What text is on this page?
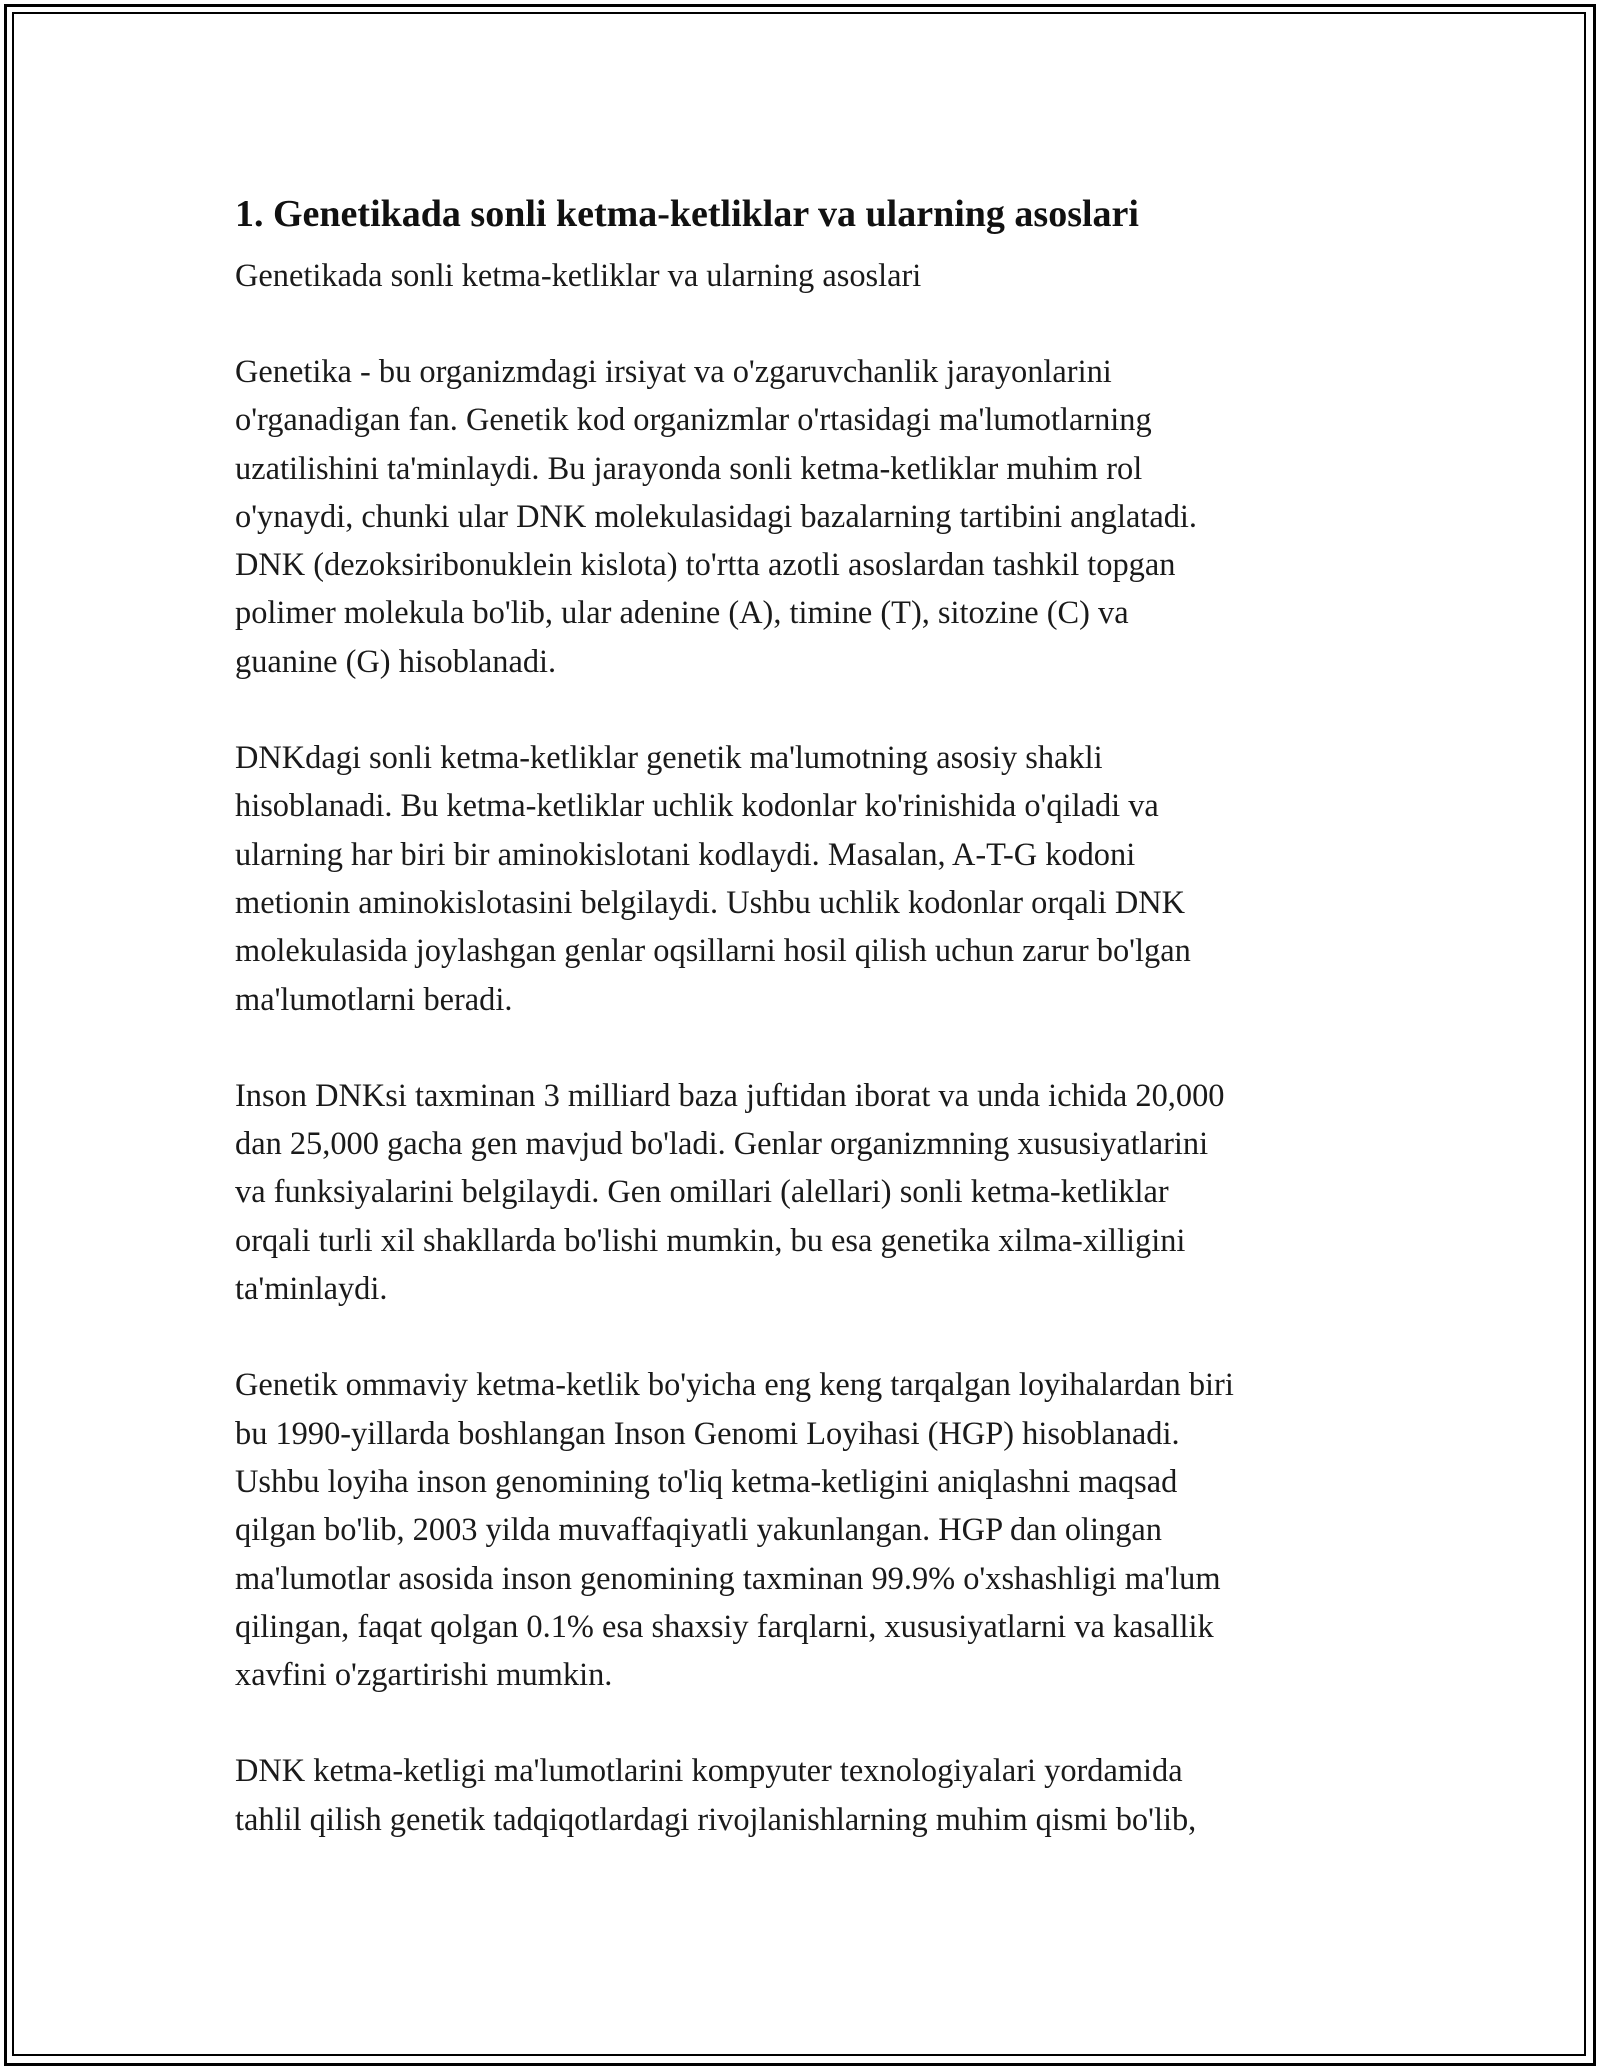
1. Genetikada sonli ketma-ketliklar va ularning asoslari
Genetikada sonli ketma-ketliklar va ularning asoslari

Genetika - bu organizmdagi irsiyat va o'zgaruvchanlik jarayonlarini
o'rganadigan fan. Genetik kod organizmlar o'rtasidagi ma'lumotlarning
uzatilishini ta'minlaydi. Bu jarayonda sonli ketma-ketliklar muhim rol
o'ynaydi, chunki ular DNK molekulasidagi bazalarning tartibini anglatadi.
DNK (dezoksiribonuklein kislota) to'rtta azotli asoslardan tashkil topgan
polimer molekula bo'lib, ular adenine (A), timine (T), sitozine (C) va
guanine (G) hisoblanadi.

DNKdagi sonli ketma-ketliklar genetik ma'lumotning asosiy shakli
hisoblanadi. Bu ketma-ketliklar uchlik kodonlar ko'rinishida o'qiladi va
ularning har biri bir aminokislotani kodlaydi. Masalan, A-T-G kodoni
metionin aminokislotasini belgilaydi. Ushbu uchlik kodonlar orqali DNK
molekulasida joylashgan genlar oqsillarni hosil qilish uchun zarur bo'lgan
ma'lumotlarni beradi.

Inson DNKsi taxminan 3 milliard baza juftidan iborat va unda ichida 20,000
dan 25,000 gacha gen mavjud bo'ladi. Genlar organizmning xususiyatlarini
va funksiyalarini belgilaydi. Gen omillari (alellari) sonli ketma-ketliklar
orqali turli xil shakllarda bo'lishi mumkin, bu esa genetika xilma-xilligini
ta'minlaydi.

Genetik ommaviy ketma-ketlik bo'yicha eng keng tarqalgan loyihalardan biri
bu 1990-yillarda boshlangan Inson Genomi Loyihasi (HGP) hisoblanadi.
Ushbu loyiha inson genomining to'liq ketma-ketligini aniqlashni maqsad
qilgan bo'lib, 2003 yilda muvaffaqiyatli yakunlangan. HGP dan olingan
ma'lumotlar asosida inson genomining taxminan 99.9% o'xshashligi ma'lum
qilingan, faqat qolgan 0.1% esa shaxsiy farqlarni, xususiyatlarni va kasallik
xavfini o'zgartirishi mumkin.

DNK ketma-ketligi ma'lumotlarini kompyuter texnologiyalari yordamida
tahlil qilish genetik tadqiqotlardagi rivojlanishlarning muhim qismi bo'lib,
